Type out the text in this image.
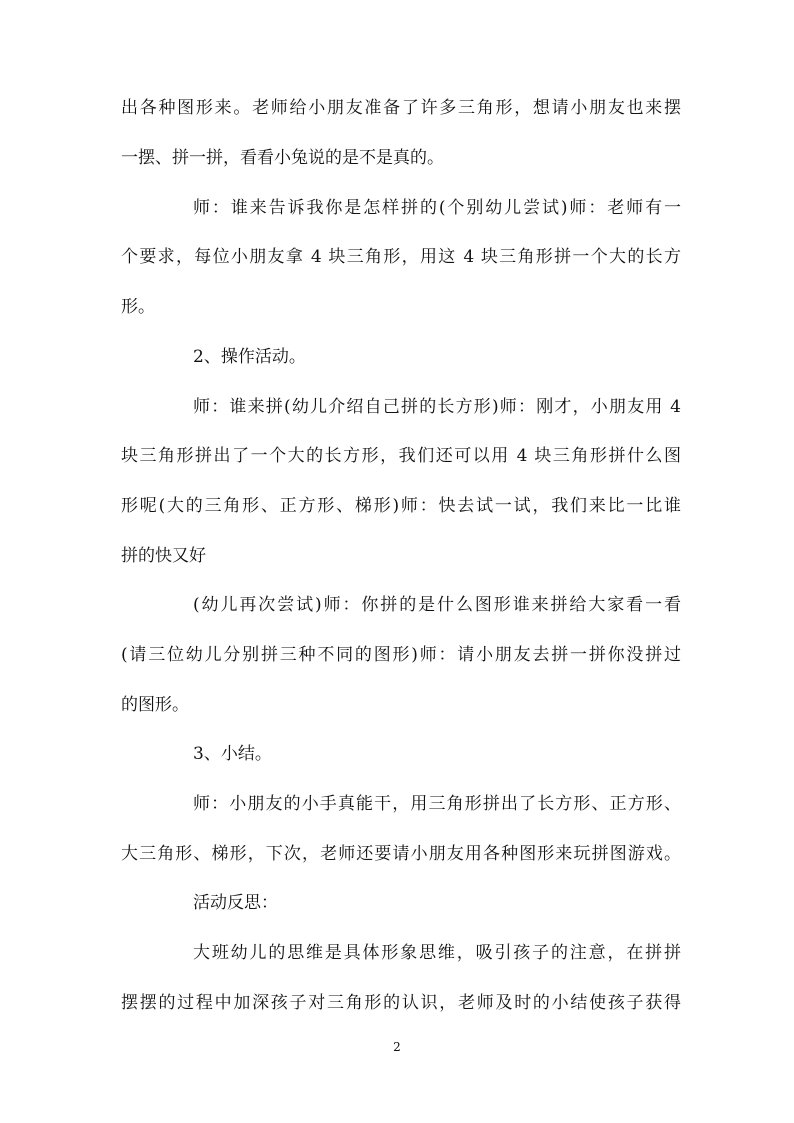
出各种图形来。老师给小朋友准备了许多三角形，想请小朋友也来摆
一摆、拼一拼，看看小兔说的是不是真的。
师：谁来告诉我你是怎样拼的(个别幼儿尝试)师：老师有一
个要求，每位小朋友拿 4 块三角形，用这 4 块三角形拼一个大的长方
形。
2、操作活动。
师：谁来拼(幼儿介绍自己拼的长方形)师：刚才，小朋友用 4
块三角形拼出了一个大的长方形，我们还可以用 4 块三角形拼什么图
形呢(大的三角形、正方形、梯形)师：快去试一试，我们来比一比谁
拼的快又好
(幼儿再次尝试)师：你拼的是什么图形谁来拼给大家看一看
(请三位幼儿分别拼三种不同的图形)师：请小朋友去拼一拼你没拼过
的图形。
3、小结。
师：小朋友的小手真能干，用三角形拼出了长方形、正方形、
大三角形、梯形，下次，老师还要请小朋友用各种图形来玩拼图游戏。
活动反思：
大班幼儿的思维是具体形象思维，吸引孩子的注意，在拼拼
摆摆的过程中加深孩子对三角形的认识，老师及时的小结使孩子获得
2
